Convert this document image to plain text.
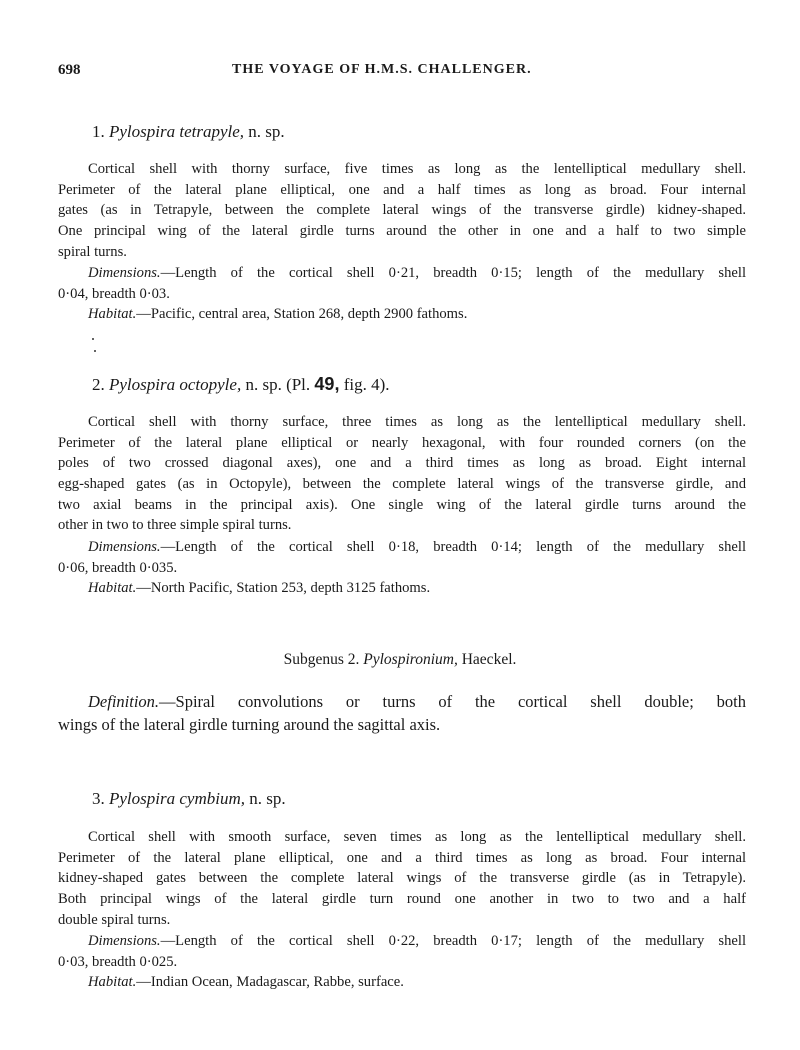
698	THE VOYAGE OF H.M.S. CHALLENGER.
1. Pylospira tetrapyle, n. sp.
Cortical shell with thorny surface, five times as long as the lentelliptical medullary shell.
Perimeter of the lateral plane elliptical, one and a half times as long as broad. Four internal
gates (as in Tetrapyle, between the complete lateral wings of the transverse girdle) kidney-shaped.
One principal wing of the lateral girdle turns around the other in one and a half to two simple
spiral turns.
Dimensions.—Length of the cortical shell 0·21, breadth 0·15; length of the medullary shell
0·04, breadth 0·03.
Habitat.—Pacific, central area, Station 268, depth 2900 fathoms.
2. Pylospira octopyle, n. sp. (Pl. 49, fig. 4).
Cortical shell with thorny surface, three times as long as the lentelliptical medullary shell.
Perimeter of the lateral plane elliptical or nearly hexagonal, with four rounded corners (on the
poles of two crossed diagonal axes), one and a third times as long as broad. Eight internal
egg-shaped gates (as in Octopyle), between the complete lateral wings of the transverse girdle, and
two axial beams in the principal axis). One single wing of the lateral girdle turns around the
other in two to three simple spiral turns.
Dimensions.—Length of the cortical shell 0·18, breadth 0·14; length of the medullary shell
0·06, breadth 0·035.
Habitat.—North Pacific, Station 253, depth 3125 fathoms.
Subgenus 2. Pylospironium, Haeckel.
Definition.—Spiral convolutions or turns of the cortical shell double; both
wings of the lateral girdle turning around the sagittal axis.
3. Pylospira cymbium, n. sp.
Cortical shell with smooth surface, seven times as long as the lentelliptical medullary shell.
Perimeter of the lateral plane elliptical, one and a third times as long as broad. Four internal
kidney-shaped gates between the complete lateral wings of the transverse girdle (as in Tetrapyle).
Both principal wings of the lateral girdle turn round one another in two to two and a half
double spiral turns.
Dimensions.—Length of the cortical shell 0·22, breadth 0·17; length of the medullary shell
0·03, breadth 0·025.
Habitat.—Indian Ocean, Madagascar, Rabbe, surface.
